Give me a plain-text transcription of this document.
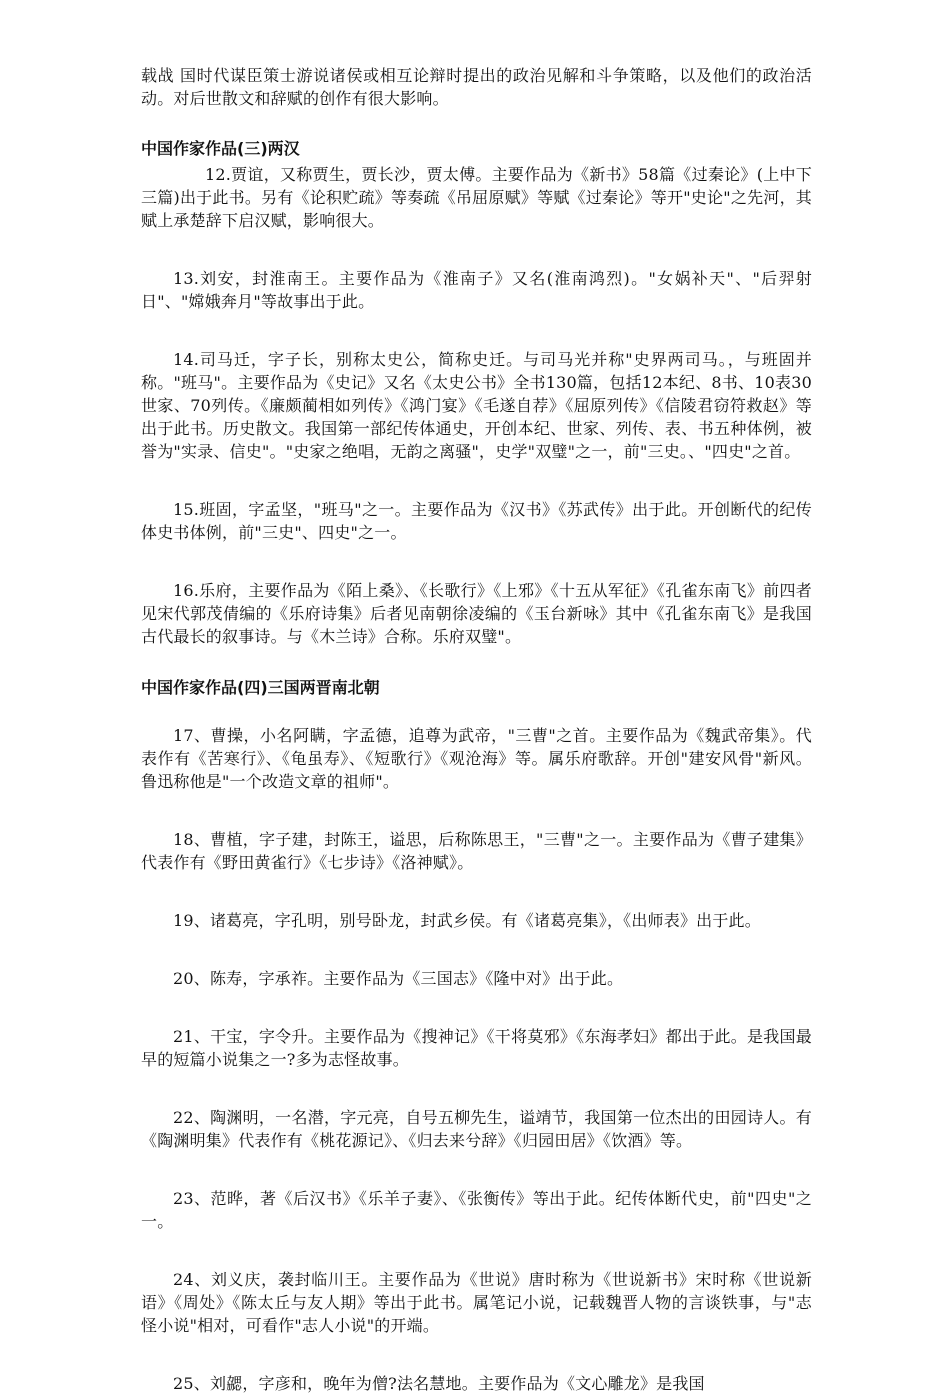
载战 国时代谋臣策士游说诸侯或相互论辩时提出的政治见解和斗争策略，以及他们的政治活动。对后世散文和辞赋的创作有很大影响。

中国作家作品(三)两汉

12.贾谊，又称贾生，贾长沙，贾太傅。主要作品为《新书》58篇《过秦论》(上中下三篇)出于此书。另有《论积贮疏》等奏疏《吊屈原赋》等赋《过秦论》等开"史论"之先河，其赋上承楚辞下启汉赋，影响很大。

13.刘安，封淮南王。主要作品为《淮南子》又名(淮南鸿烈)。"女娲补天"、"后羿射日"、"嫦娥奔月"等故事出于此。

14.司马迁，字子长，别称太史公，简称史迁。与司马光并称"史界两司马。，与班固并称。"班马"。主要作品为《史记》又名《太史公书》全书130篇，包括12本纪、8书、10表30世家、70列传。《廉颇蔺相如列传》《鸿门宴》《毛遂自荐》《屈原列传》《信陵君窃符救赵》等出于此书。历史散文。我国第一部纪传体通史，开创本纪、世家、列传、表、书五种体例，被誉为"实录、信史"。"史家之绝唱，无韵之离骚"，史学"双璧"之一，前"三史。、"四史"之首。

15.班固，字孟坚，"班马"之一。主要作品为《汉书》《苏武传》出于此。开创断代的纪传体史书体例，前"三史"、四史"之一。

16.乐府，主要作品为《陌上桑》、《长歌行》《上邪》《十五从军征》《孔雀东南飞》前四者见宋代郭茂倩编的《乐府诗集》后者见南朝徐凌编的《玉台新咏》其中《孔雀东南飞》是我国古代最长的叙事诗。与《木兰诗》合称。乐府双璧"。

中国作家作品(四)三国两晋南北朝

17、曹操，小名阿瞒，字孟德，追尊为武帝，"三曹"之首。主要作品为《魏武帝集》。代表作有《苦寒行》、《龟虽寿》、《短歌行》《观沧海》等。属乐府歌辞。开创"建安风骨"新风。鲁迅称他是"一个改造文章的祖师"。

18、曹植，字子建，封陈王，谥思，后称陈思王，"三曹"之一。主要作品为《曹子建集》代表作有《野田黄雀行》《七步诗》《洛神赋》。

19、诸葛亮，字孔明，别号卧龙，封武乡侯。有《诸葛亮集》，《出师表》出于此。

20、陈寿，字承祚。主要作品为《三国志》《隆中对》出于此。

21、干宝，字令升。主要作品为《搜神记》《干将莫邪》《东海孝妇》都出于此。是我国最早的短篇小说集之一?多为志怪故事。

22、陶渊明，一名潜，字元亮，自号五柳先生，谥靖节，我国第一位杰出的田园诗人。有《陶渊明集》代表作有《桃花源记》、《归去来兮辞》《归园田居》《饮酒》等。

23、范晔，著《后汉书》《乐羊子妻》、《张衡传》等出于此。纪传体断代史，前"四史"之一。

24、刘义庆，袭封临川王。主要作品为《世说》唐时称为《世说新书》宋时称《世说新语》《周处》《陈太丘与友人期》等出于此书。属笔记小说，记载魏晋人物的言谈铁事，与"志怪小说"相对，可看作"志人小说"的开端。

25、刘勰，字彦和，晚年为僧?法名慧地。主要作品为《文心雕龙》是我国
